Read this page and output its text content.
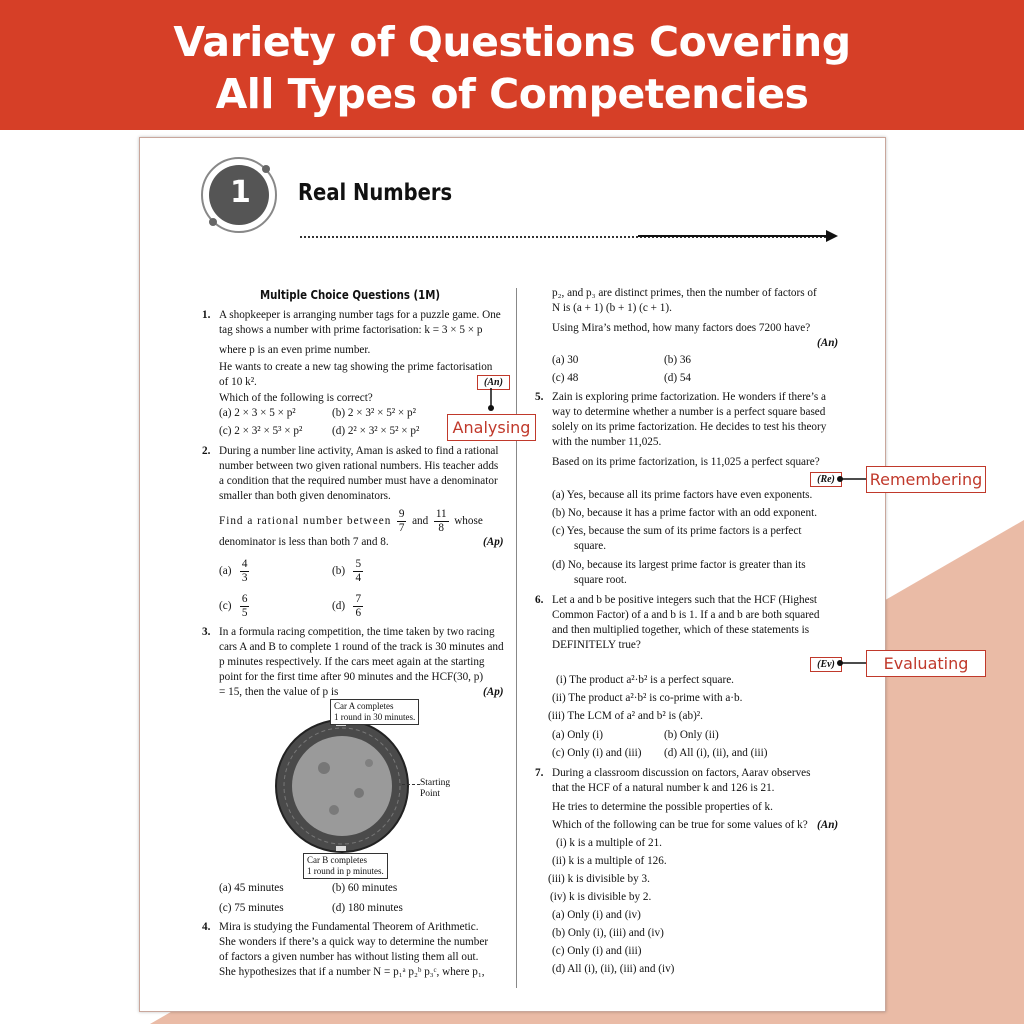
Variety of Questions Covering
All Types of Competencies
1 Real Numbers
Multiple Choice Questions (1M)
1. A shopkeeper is arranging number tags for a puzzle game. One
tag shows a number with prime factorisation: k = 3 × 5 × p
where p is an even prime number.
He wants to create a new tag showing the prime factorisation
of 10 k².	(An)
Which of the following is correct?
(a) 2 × 3 × 5 × p²	(b) 2 × 3² × 5² × p²
(c) 2 × 3² × 5³ × p²	(d) 2² × 3² × 5² × p²
2. During a number line activity, Aman is asked to find a rational
number between two given rational numbers. His teacher adds
a condition that the required number must have a denominator
smaller than both given denominators.
Find a rational number between $\frac{9}{7}$ and $\frac{11}{8}$ whose
denominator is less than both 7 and 8.	(Ap)
$(a) \frac{4}{3}$	$(b) \frac{5}{4}$
$(c) \frac{6}{5}$	$(d) \frac{7}{6}$
3. In a formula racing competition, the time taken by two racing
cars A and B to complete 1 round of the track is 30 minutes and
p minutes respectively. If the cars meet again at the starting
point for the first time after 90 minutes and the HCF(30, p)
= 15, then the value of p is	(Ap)
Car A completes
1 round in 30 minutes.
Starting
Point
Car B completes
1 round in p minutes.
(a) 45 minutes	(b) 60 minutes
(c) 75 minutes	(d) 180 minutes
4. Mira is studying the Fundamental Theorem of Arithmetic.
She wonders if there’s a quick way to determine the number
of factors a given number has without listing them all out.
She hypothesizes that if a number N = p₁ᵃ p₂ᵇ p₃ᶜ, where p₁,
p₂, and p₃ are distinct primes, then the number of factors of
N is (a + 1) (b + 1) (c + 1).
Using Mira’s method, how many factors does 7200 have?
(An)
(a) 30	(b) 36
(c) 48	(d) 54
5. Zain is exploring prime factorization. He wonders if there’s a
way to determine whether a number is a perfect square based
solely on its prime factorization. He decides to test his theory
with the number 11,025.
Based on its prime factorization, is 11,025 a perfect square?
(Re)
(a) Yes, because all its prime factors have even exponents.
(b) No, because it has a prime factor with an odd exponent.
(c) Yes, because the sum of its prime factors is a perfect
square.
(d) No, because its largest prime factor is greater than its
square root.
6. Let a and b be positive integers such that the HCF (Highest
Common Factor) of a and b is 1. If a and b are both squared
and then multiplied together, which of these statements is
DEFINITELY true?
(Ev)
(i) The product a²·b² is a perfect square.
(ii) The product a²·b² is co-prime with a·b.
(iii) The LCM of a² and b² is (ab)².
(a) Only (i)	(b) Only (ii)
(c) Only (i) and (iii) (d) All (i), (ii), and (iii)
7. During a classroom discussion on factors, Aarav observes
that the HCF of a natural number k and 126 is 21.
He tries to determine the possible properties of k.
Which of the following can be true for some values of k? (An)
(i) k is a multiple of 21.
(ii) k is a multiple of 126.
(iii) k is divisible by 3.
(iv) k is divisible by 2.
(a) Only (i) and (iv)
(b) Only (i), (iii) and (iv)
(c) Only (i) and (iii)
(d) All (i), (ii), (iii) and (iv)
Analysing
Remembering
Evaluating
